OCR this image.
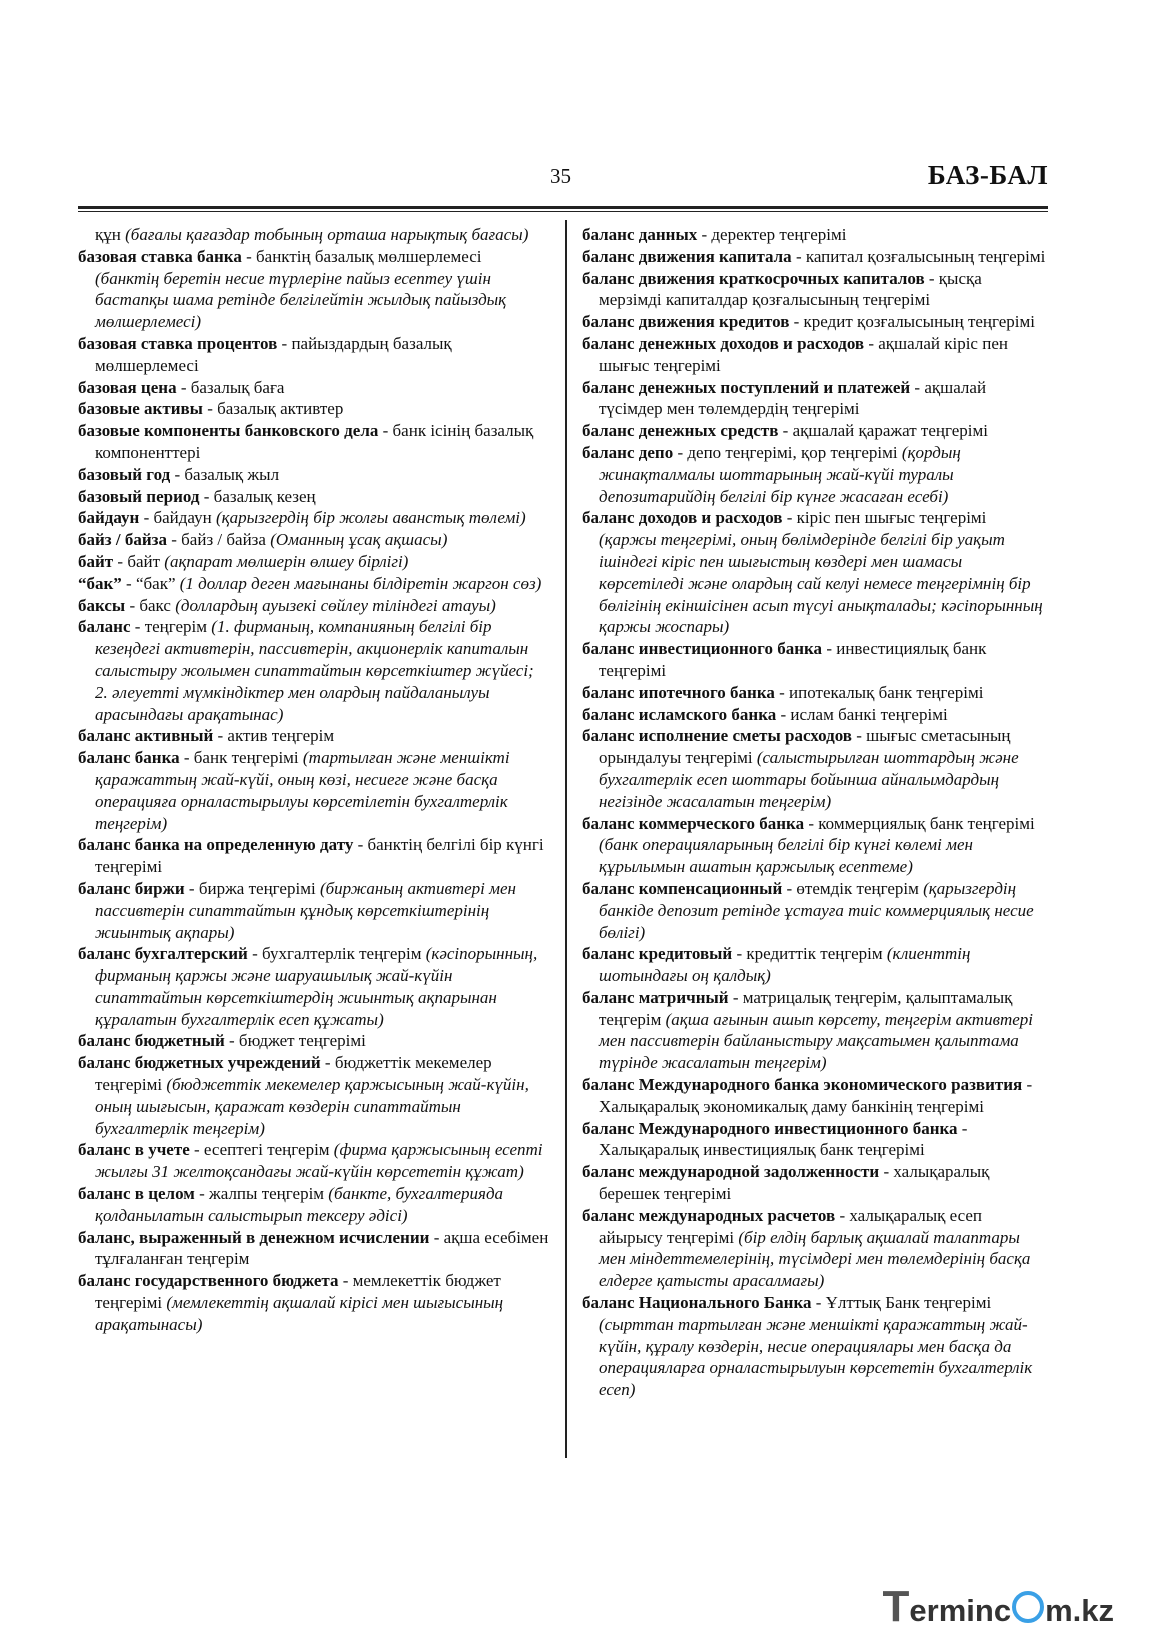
35	БАЗ-БАЛ

құн (бағалы қағаздар тобының орташа нарықтық бағасы)

базовая ставка банка - банктің базалық мөлшерлемесі (банктің беретін несие түрлеріне пайыз есептеу үшін бастапқы шама ретінде белгілейтін жылдық пайыздық мөлшерлемесі)

базовая ставка процентов - пайыздардың базалық мөлшерлемесі

базовая цена - базалық баға

базовые активы - базалық активтер

базовые компоненты банковского дела - банк ісінің базалық компоненттері

базовый год - базалық жыл

базовый период - базалық кезең

байдаун - байдаун (қарызгердің бір жолғы аванстық төлемі)

байз / байза - байз / байза (Оманның ұсақ ақшасы)

байт - байт (ақпарат мөлшерін өлшеу бірлігі)

“бак” - “бак” (1 доллар деген мағынаны білдіретін жаргон сөз)

баксы - бакс (доллардың ауызекі сөйлеу тіліндегі атауы)

баланс - теңгерім (1. фирманың, компанияның белгілі бір кезеңдегі активтерін, пассивтерін, акционерлік капиталын салыстыру жолымен сипаттайтын көрсеткіштер жүйесі; 2. әлеуетті мүмкіндіктер мен олардың пайдаланылуы арасындағы арақатынас)

баланс активный - актив теңгерім

баланс банка - банк теңгерімі (тартылған және меншікті қаражаттың жай-күйі, оның көзі, несиеге және басқа операцияға орналастырылуы көрсетілетін бухгалтерлік теңгерім)

баланс банка на определенную дату - банктің белгілі бір күнгі теңгерімі

баланс биржи - биржа теңгерімі (биржаның активтері мен пассивтерін сипаттайтын құндық көрсеткіштерінің жиынтық ақпары)

баланс бухгалтерский - бухгалтерлік теңгерім (кәсіпорынның, фирманың қаржы және шаруашылық жай-күйін сипаттайтын көрсеткіштердің жиынтық ақпарынан құралатын бухгалтерлік есеп құжаты)

баланс бюджетный - бюджет теңгерімі

баланс бюджетных учреждений - бюджеттік мекемелер теңгерімі (бюджеттік мекемелер қаржысының жай-күйін, оның шығысын, қаражат көздерін сипаттайтын бухгалтерлік теңгерім)

баланс в учете - есептегі теңгерім (фирма қаржысының есепті жылғы 31 желтоқсандағы жай-күйін көрсететін құжат)

баланс в целом - жалпы теңгерім (банкте, бухгалтерияда қолданылатын салыстырып тексеру әдісі)

баланс, выраженный в денежном исчислении - ақша есебімен тұлғаланған теңгерім

баланс государственного бюджета - мемлекеттік бюджет теңгерімі (мемлекеттің ақшалай кірісі мен шығысының арақатынасы)

баланс данных - деректер теңгерімі

баланс движения капитала - капитал қозғалысының теңгерімі

баланс движения краткосрочных капиталов - қысқа мерзімді капиталдар қозғалысының теңгерімі

баланс движения кредитов - кредит қозғалысының теңгерімі

баланс денежных доходов и расходов - ақшалай кіріс пен шығыс теңгерімі

баланс денежных поступлений и платежей - ақшалай түсімдер мен төлемдердің теңгерімі

баланс денежных средств - ақшалай қаражат теңгерімі

баланс депо - депо теңгерімі, қор теңгерімі (қордың жинақталмалы шоттарының жай-күйі туралы депозитарийдің белгілі бір күнге жасаған есебі)

баланс доходов и расходов - кіріс пен шығыс теңгерімі (қаржы теңгерімі, оның бөлімдерінде белгілі бір уақыт ішіндегі кіріс пен шығыстың көздері мен шамасы көрсетіледі және олардың сай келуі немесе теңгерімнің бір бөлігінің екіншісінен асып түсуі анықталады; кәсіпорынның қаржы жоспары)

баланс инвестиционного банка - инвестициялық банк теңгерімі

баланс ипотечного банка - ипотекалық банк теңгерімі

баланс исламского банка - ислам банкі теңгерімі

баланс исполнение сметы расходов - шығыс сметасының орындалуы теңгерімі (салыстырылған шоттардың және бухгалтерлік есеп шоттары бойынша айналымдардың негізінде жасалатын теңгерім)

баланс коммерческого банка - коммерциялық банк теңгерімі (банк операцияларының белгілі бір күнгі көлемі мен құрылымын ашатын қаржылық есептеме)

баланс компенсационный - өтемдік теңгерім (қарызгердің банкіде депозит ретінде ұстауға тиіс коммерциялық несие бөлігі)

баланс кредитовый - кредиттік теңгерім (клиенттің шотындағы оң қалдық)

баланс матричный - матрицалық теңгерім, қалыптамалық теңгерім (ақша ағынын ашып көрсету, теңгерім активтері мен пассивтерін байланыстыру мақсатымен қалыптама түрінде жасалатын теңгерім)

баланс Международного банка экономического развития - Халықаралық экономикалық даму банкінің теңгерімі

баланс Международного инвестиционного банка - Халықаралық инвестициялық банк теңгерімі

баланс международной задолженности - халықаралық берешек теңгерімі

баланс международных расчетов - халықаралық есеп айырысу теңгерімі (бір елдің барлық ақшалай талаптары мен міндеттемелерінің, түсімдері мен төлемдерінің басқа елдерге қатысты арасалмағы)

баланс Национального Банка - Ұлттық Банк теңгерімі (сырттан тартылған және меншікті қаражаттың жай-күйін, құралу көздерін, несие операциялары мен басқа да операцияларға орналастырылуын көрсететін бухгалтерлік есеп)

Terminc m.kz
